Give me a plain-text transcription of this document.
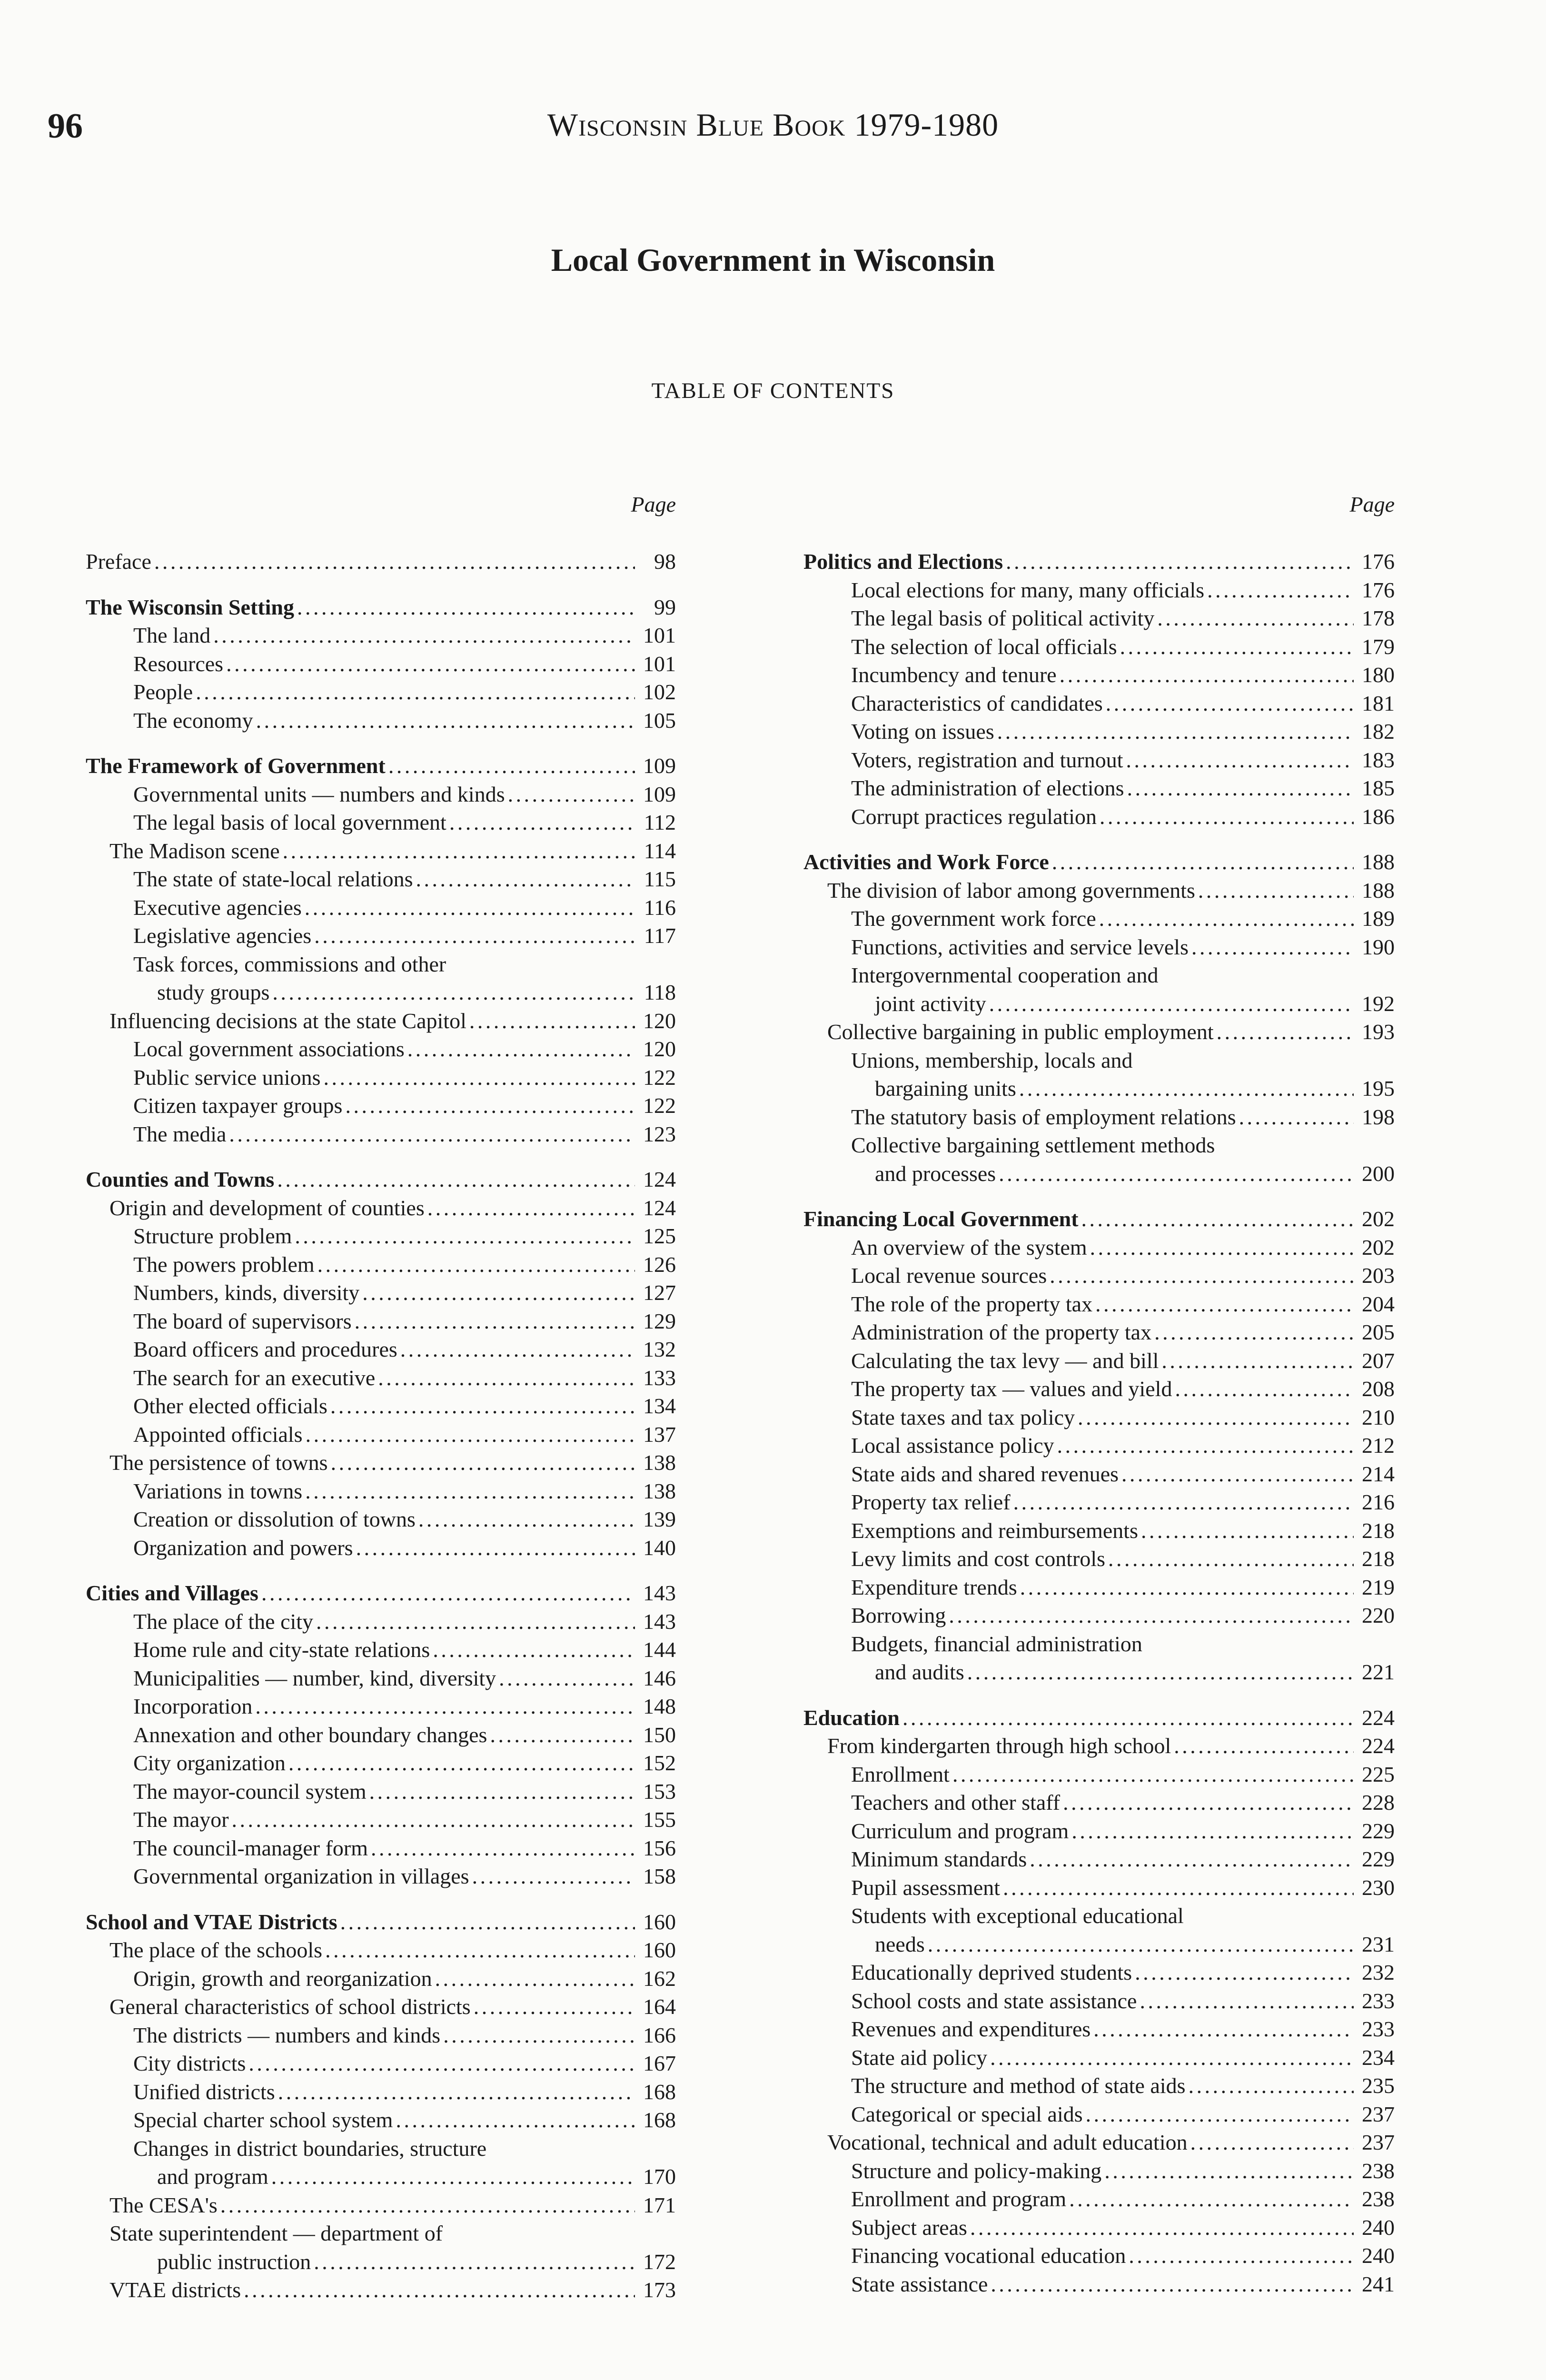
96	Wisconsin Blue Book 1979-1980
Local Government in Wisconsin
TABLE OF CONTENTS
Page
Preface . . .	98
The Wisconsin Setting . . .	99
The land . . .	101
Resources . . .	101
People . . .	102
The economy . . .	105
The Framework of Government . . .	109
Governmental units — numbers and kinds . . .	109
The legal basis of local government . . .	112
The Madison scene . . .	114
The state of state-local relations . . .	115
Executive agencies . . .	116
Legislative agencies . . .	117
Task forces, commissions and other
study groups . . .	118
Influencing decisions at the state Capitol . . .	120
Local government associations . . .	120
Public service unions . . .	122
Citizen taxpayer groups . . .	122
The media . . .	123
Counties and Towns . . .	124
Origin and development of counties . . .	124
Structure problem . . .	125
The powers problem . . .	126
Numbers, kinds, diversity . . .	127
The board of supervisors . . .	129
Board officers and procedures . . .	132
The search for an executive . . .	133
Other elected officials . . .	134
Appointed officials . . .	137
The persistence of towns . . .	138
Variations in towns . . .	138
Creation or dissolution of towns . . .	139
Organization and powers . . .	140
Cities and Villages . . .	143
The place of the city . . .	143
Home rule and city-state relations . . .	144
Municipalities — number, kind, diversity . . .	146
Incorporation . . .	148
Annexation and other boundary changes . . .	150
City organization . . .	152
The mayor-council system . . .	153
The mayor . . .	155
The council-manager form . . .	156
Governmental organization in villages . . .	158
School and VTAE Districts . . .	160
The place of the schools . . .	160
Origin, growth and reorganization . . .	162
General characteristics of school districts . . .	164
The districts — numbers and kinds . . .	166
City districts . . .	167
Unified districts . . .	168
Special charter school system . . .	168
Changes in district boundaries, structure
and program . . .	170
The CESA's . . .	171
State superintendent — department of
public instruction . . .	172
VTAE districts . . .	173
Page
Politics and Elections . . .	176
Local elections for many, many officials . . .	176
The legal basis of political activity . . .	178
The selection of local officials . . .	179
Incumbency and tenure . . .	180
Characteristics of candidates . . .	181
Voting on issues . . .	182
Voters, registration and turnout . . .	183
The administration of elections . . .	185
Corrupt practices regulation . . .	186
Activities and Work Force . . .	188
The division of labor among governments . . .	188
The government work force . . .	189
Functions, activities and service levels . . .	190
Intergovernmental cooperation and
joint activity . . .	192
Collective bargaining in public employment . . .	193
Unions, membership, locals and
bargaining units . . .	195
The statutory basis of employment relations . . .	198
Collective bargaining settlement methods
and processes . . .	200
Financing Local Government . . .	202
An overview of the system . . .	202
Local revenue sources . . .	203
The role of the property tax . . .	204
Administration of the property tax . . .	205
Calculating the tax levy — and bill . . .	207
The property tax — values and yield . . .	208
State taxes and tax policy . . .	210
Local assistance policy . . .	212
State aids and shared revenues . . .	214
Property tax relief . . .	216
Exemptions and reimbursements . . .	218
Levy limits and cost controls . . .	218
Expenditure trends . . .	219
Borrowing . . .	220
Budgets, financial administration
and audits . . .	221
Education . . .	224
From kindergarten through high school . . .	224
Enrollment . . .	225
Teachers and other staff . . .	228
Curriculum and program . . .	229
Minimum standards . . .	229
Pupil assessment . . .	230
Students with exceptional educational
needs . . .	231
Educationally deprived students . . .	232
School costs and state assistance . . .	233
Revenues and expenditures . . .	233
State aid policy . . .	234
The structure and method of state aids . . .	235
Categorical or special aids . . .	237
Vocational, technical and adult education . . .	237
Structure and policy-making . . .	238
Enrollment and program . . .	238
Subject areas . . .	240
Financing vocational education . . .	240
State assistance . . .	241
